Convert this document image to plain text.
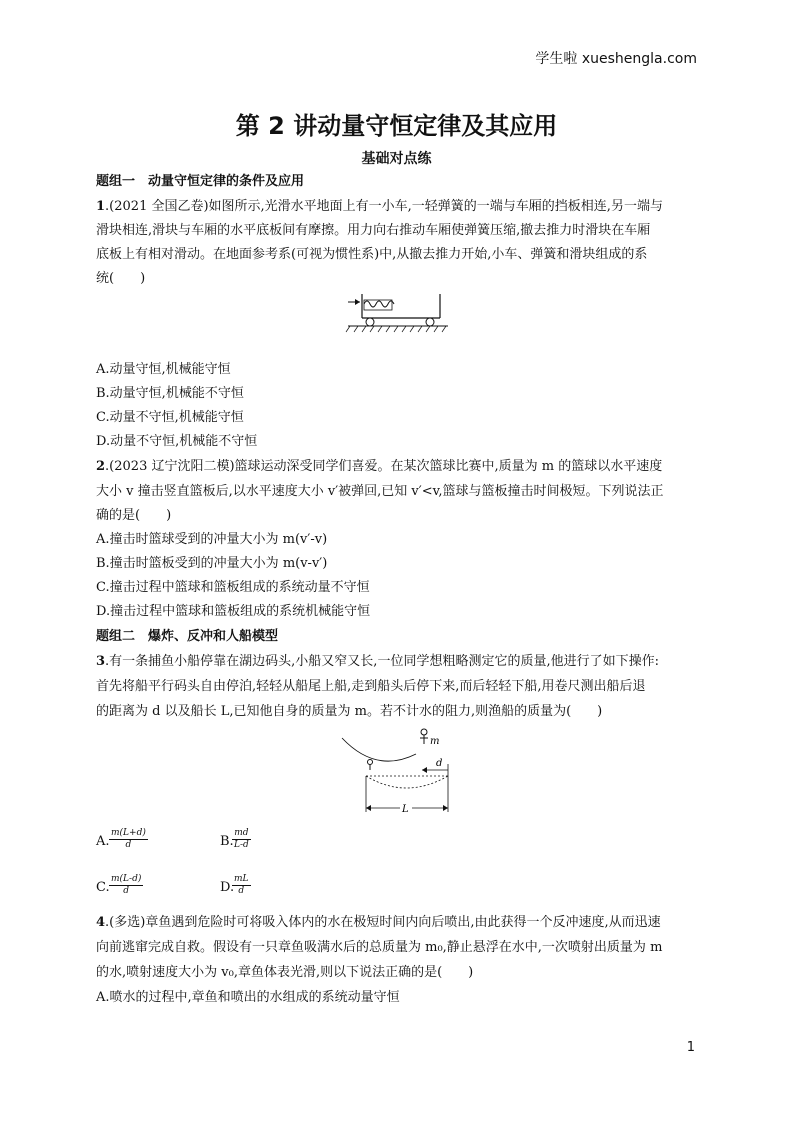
学生啦 xueshengla.com
第 2 讲动量守恒定律及其应用
基础对点练
题组一　动量守恒定律的条件及应用
1.(2021 全国乙卷)如图所示,光滑水平地面上有一小车,一轻弹簧的一端与车厢的挡板相连,另一端与
滑块相连,滑块与车厢的水平底板间有摩擦。用力向右推动车厢使弹簧压缩,撤去推力时滑块在车厢
底板上有相对滑动。在地面参考系(可视为惯性系)中,从撤去推力开始,小车、弹簧和滑块组成的系
统(　　)
A.动量守恒,机械能守恒
B.动量守恒,机械能不守恒
C.动量不守恒,机械能守恒
D.动量不守恒,机械能不守恒
2.(2023 辽宁沈阳二模)篮球运动深受同学们喜爱。在某次篮球比赛中,质量为 m 的篮球以水平速度
大小 v 撞击竖直篮板后,以水平速度大小 v′被弹回,已知 v′<v,篮球与篮板撞击时间极短。下列说法正
确的是(　　)
A.撞击时篮球受到的冲量大小为 m(v′-v)
B.撞击时篮板受到的冲量大小为 m(v-v′)
C.撞击过程中篮球和篮板组成的系统动量不守恒
D.撞击过程中篮球和篮板组成的系统机械能守恒
题组二　爆炸、反冲和人船模型
3.有一条捕鱼小船停靠在湖边码头,小船又窄又长,一位同学想粗略测定它的质量,他进行了如下操作:
首先将船平行码头自由停泊,轻轻从船尾上船,走到船头后停下来,而后轻轻下船,用卷尺测出船后退
的距离为 d 以及船长 L,已知他自身的质量为 m。若不计水的阻力,则渔船的质量为(　　)
m
d
L
A. $\frac{m(L+d)}{d}$	B.
$\frac{md}{L-d}$
C. $\frac{m(L-d)}{d}$	D.
$\frac{mL}{d}$
4.(多选)章鱼遇到危险时可将吸入体内的水在极短时间内向后喷出,由此获得一个反冲速度,从而迅速
向前逃窜完成自救。假设有一只章鱼吸满水后的总质量为 m₀,静止悬浮在水中,一次喷射出质量为 m
的水,喷射速度大小为 v₀,章鱼体表光滑,则以下说法正确的是(　　)
A.喷水的过程中,章鱼和喷出的水组成的系统动量守恒
1
